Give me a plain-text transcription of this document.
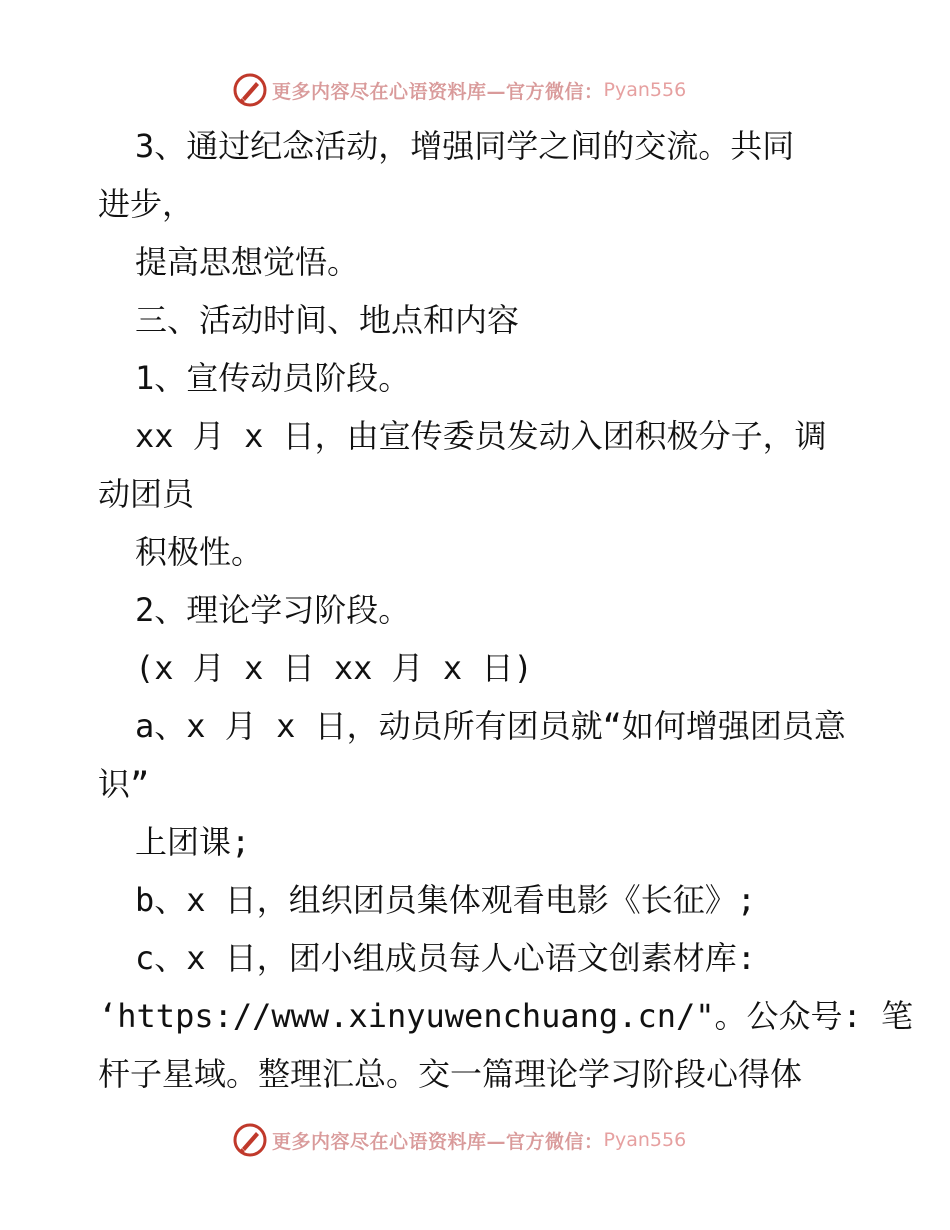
更多内容尽在心语资料库—官方微信： Pyan556
3、通过纪念活动，增强同学之间的交流。共同
进步，
提高思想觉悟。
三、活动时间、地点和内容
1、宣传动员阶段。
xx 月 x 日，由宣传委员发动入团积极分子，调
动团员
积极性。
2、理论学习阶段。
(x 月 x 日 xx 月 x 日)
a、x 月 x 日，动员所有团员就“如何增强团员意
识”
上团课;
b、x 日，组织团员集体观看电影《长征》;
c、x 日，团小组成员每人心语文创素材库:
‘https://www.xinyuwenchuang.cn/"。公众号: 笔
杆子星域。整理汇总。交一篇理论学习阶段心得体
更多内容尽在心语资料库—官方微信： Pyan556
